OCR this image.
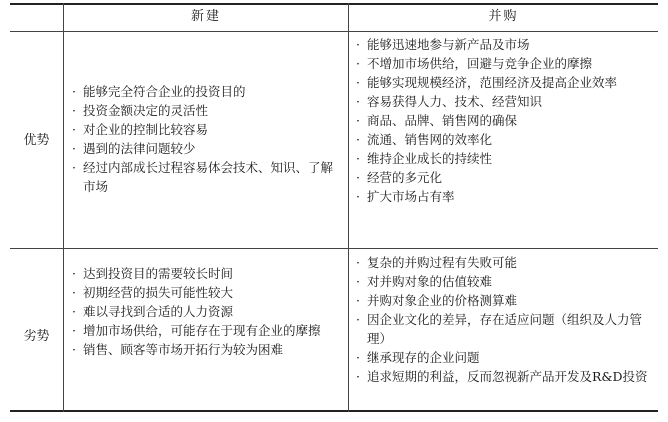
新建	并购
优势
劣势
· 能够完全符合企业的投资目的
· 投资金额决定的灵活性
· 对企业的控制比较容易
· 遇到的法律问题较少
· 经过内部成长过程容易体会技术、知识、了解市场
· 能够迅速地参与新产品及市场
· 不增加市场供给，回避与竞争企业的摩擦
· 能够实现规模经济，范围经济及提高企业效率
· 容易获得人力、技术、经营知识
· 商品、品牌、销售网的确保
· 流通、销售网的效率化
· 维持企业成长的持续性
· 经营的多元化
· 扩大市场占有率
· 达到投资目的需要较长时间
· 初期经营的损失可能性较大
· 难以寻找到合适的人力资源
· 增加市场供给，可能存在于现有企业的摩擦
· 销售、顾客等市场开拓行为较为困难
· 复杂的并购过程有失败可能
· 对并购对象的估值较难
· 并购对象企业的价格测算难
· 因企业文化的差异，存在适应问题（组织及人力管理）
· 继承现存的企业问题
· 追求短期的利益，反而忽视新产品开发及R&D投资
